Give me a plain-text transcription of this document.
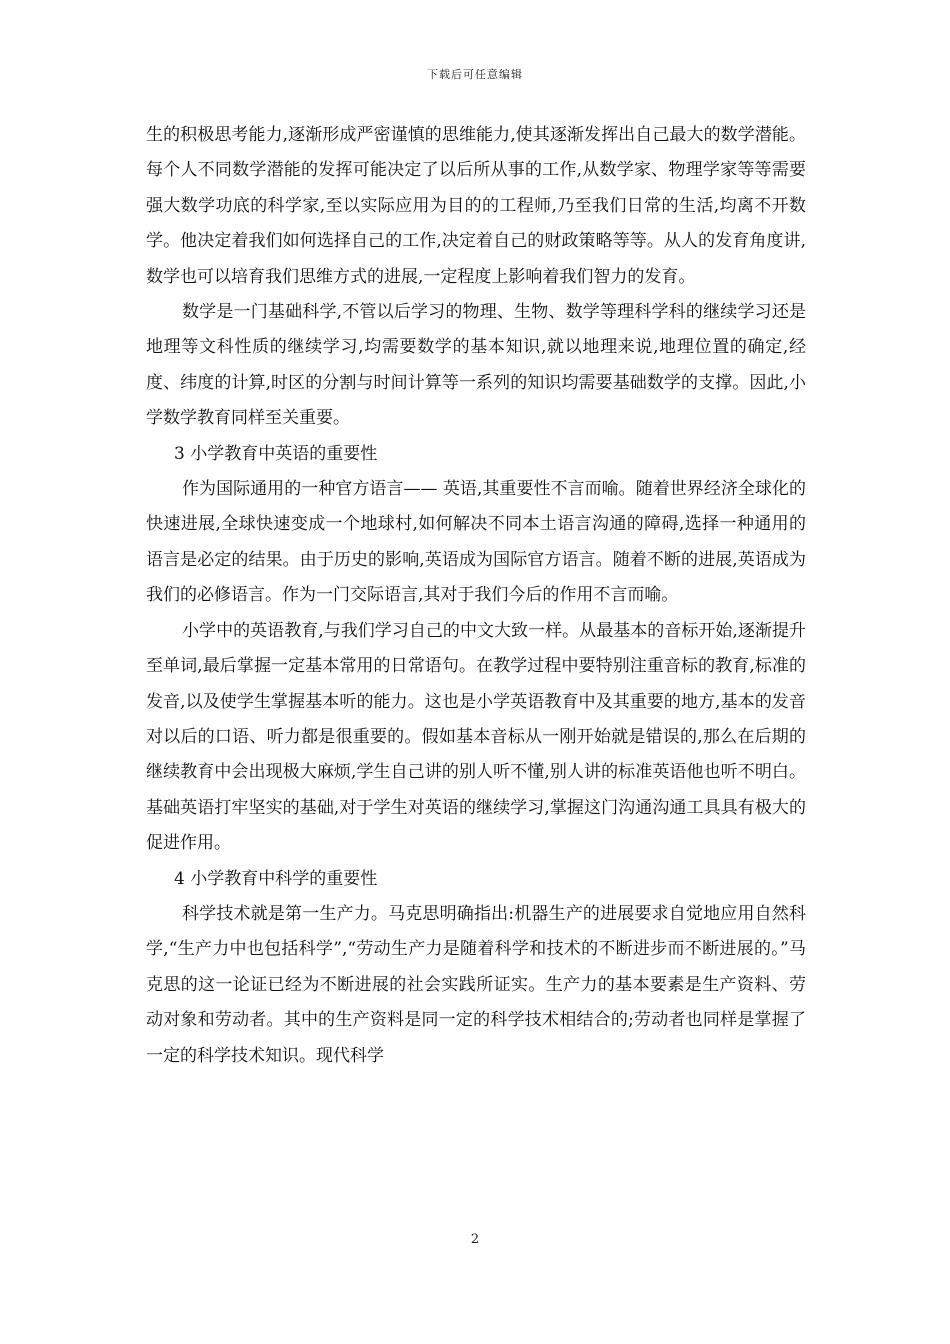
下载后可任意编辑

生的积极思考能力,逐渐形成严密谨慎的思维能力,使其逐渐发挥出自己最大的数学潜能。每个人不同数学潜能的发挥可能决定了以后所从事的工作,从数学家、物理学家等等需要强大数学功底的科学家,至以实际应用为目的的工程师,乃至我们日常的生活,均离不开数学。他决定着我们如何选择自己的工作,决定着自己的财政策略等等。从人的发育角度讲,数学也可以培育我们思维方式的进展,一定程度上影响着我们智力的发育。

数学是一门基础科学,不管以后学习的物理、生物、数学等理科学科的继续学习还是地理等文科性质的继续学习,均需要数学的基本知识,就以地理来说,地理位置的确定,经度、纬度的计算,时区的分割与时间计算等一系列的知识均需要基础数学的支撑。因此,小学数学教育同样至关重要。

3 小学教育中英语的重要性

作为国际通用的一种官方语言—— 英语,其重要性不言而喻。随着世界经济全球化的快速进展,全球快速变成一个地球村,如何解决不同本土语言沟通的障碍,选择一种通用的语言是必定的结果。由于历史的影响,英语成为国际官方语言。随着不断的进展,英语成为我们的必修语言。作为一门交际语言,其对于我们今后的作用不言而喻。

小学中的英语教育,与我们学习自己的中文大致一样。从最基本的音标开始,逐渐提升至单词,最后掌握一定基本常用的日常语句。在教学过程中要特别注重音标的教育,标准的发音,以及使学生掌握基本听的能力。这也是小学英语教育中及其重要的地方,基本的发音对以后的口语、听力都是很重要的。假如基本音标从一刚开始就是错误的,那么在后期的继续教育中会出现极大麻烦,学生自己讲的别人听不懂,别人讲的标准英语他也听不明白。基础英语打牢坚实的基础,对于学生对英语的继续学习,掌握这门沟通沟通工具具有极大的促进作用。

4 小学教育中科学的重要性

科学技术就是第一生产力。马克思明确指出:机器生产的进展要求自觉地应用自然科学,“生产力中也包括科学”,“劳动生产力是随着科学和技术的不断进步而不断进展的。”马克思的这一论证已经为不断进展的社会实践所证实。生产力的基本要素是生产资料、劳动对象和劳动者。其中的生产资料是同一定的科学技术相结合的;劳动者也同样是掌握了一定的科学技术知识。现代科学

2
